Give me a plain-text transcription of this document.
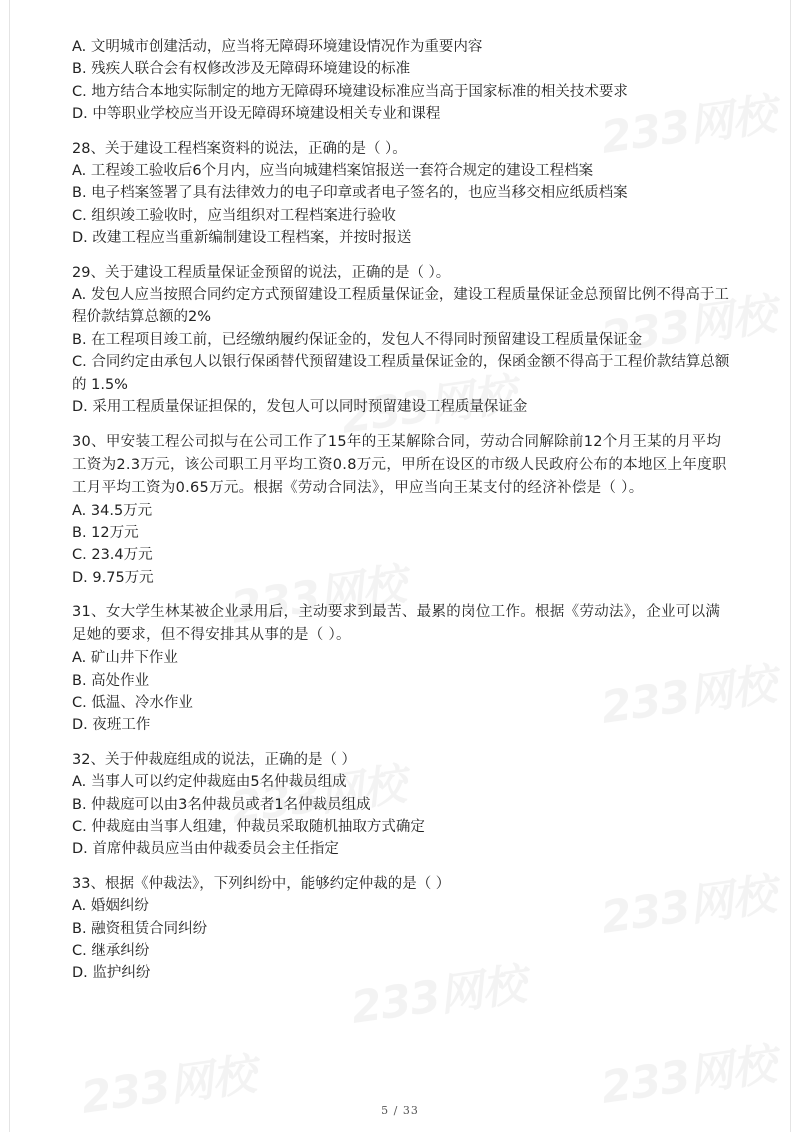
A. 文明城市创建活动，应当将无障碍环境建设情况作为重要内容
B. 残疾人联合会有权修改涉及无障碍环境建设的标准
C. 地方结合本地实际制定的地方无障碍环境建设标准应当高于国家标准的相关技术要求
D. 中等职业学校应当开设无障碍环境建设相关专业和课程
28、关于建设工程档案资料的说法，正确的是（ ）。
A. 工程竣工验收后6个月内，应当向城建档案馆报送一套符合规定的建设工程档案
B. 电子档案签署了具有法律效力的电子印章或者电子签名的，也应当移交相应纸质档案
C. 组织竣工验收时，应当组织对工程档案进行验收
D. 改建工程应当重新编制建设工程档案，并按时报送
29、关于建设工程质量保证金预留的说法，正确的是（ ）。
A. 发包人应当按照合同约定方式预留建设工程质量保证金，建设工程质量保证金总预留比例不得高于工程价款结算总额的2%
B. 在工程项目竣工前，已经缴纳履约保证金的，发包人不得同时预留建设工程质量保证金
C. 合同约定由承包人以银行保函替代预留建设工程质量保证金的，保函金额不得高于工程价款结算总额的 1.5%
D. 采用工程质量保证担保的，发包人可以同时预留建设工程质量保证金
30、甲安装工程公司拟与在公司工作了15年的王某解除合同，劳动合同解除前12个月王某的月平均工资为2.3万元，该公司职工月平均工资0.8万元，甲所在设区的市级人民政府公布的本地区上年度职工月平均工资为0.65万元。根据《劳动合同法》，甲应当向王某支付的经济补偿是（ ）。
A. 34.5万元
B. 12万元
C. 23.4万元
D. 9.75万元
31、女大学生林某被企业录用后，主动要求到最苦、最累的岗位工作。根据《劳动法》，企业可以满足她的要求，但不得安排其从事的是（ ）。
A. 矿山井下作业
B. 高处作业
C. 低温、冷水作业
D. 夜班工作
32、关于仲裁庭组成的说法，正确的是（ ）
A. 当事人可以约定仲裁庭由5名仲裁员组成
B. 仲裁庭可以由3名仲裁员或者1名仲裁员组成
C. 仲裁庭由当事人组建，仲裁员采取随机抽取方式确定
D. 首席仲裁员应当由仲裁委员会主任指定
33、根据《仲裁法》，下列纠纷中，能够约定仲裁的是（ ）
A. 婚姻纠纷
B. 融资租赁合同纠纷
C. 继承纠纷
D. 监护纠纷
5 / 33
